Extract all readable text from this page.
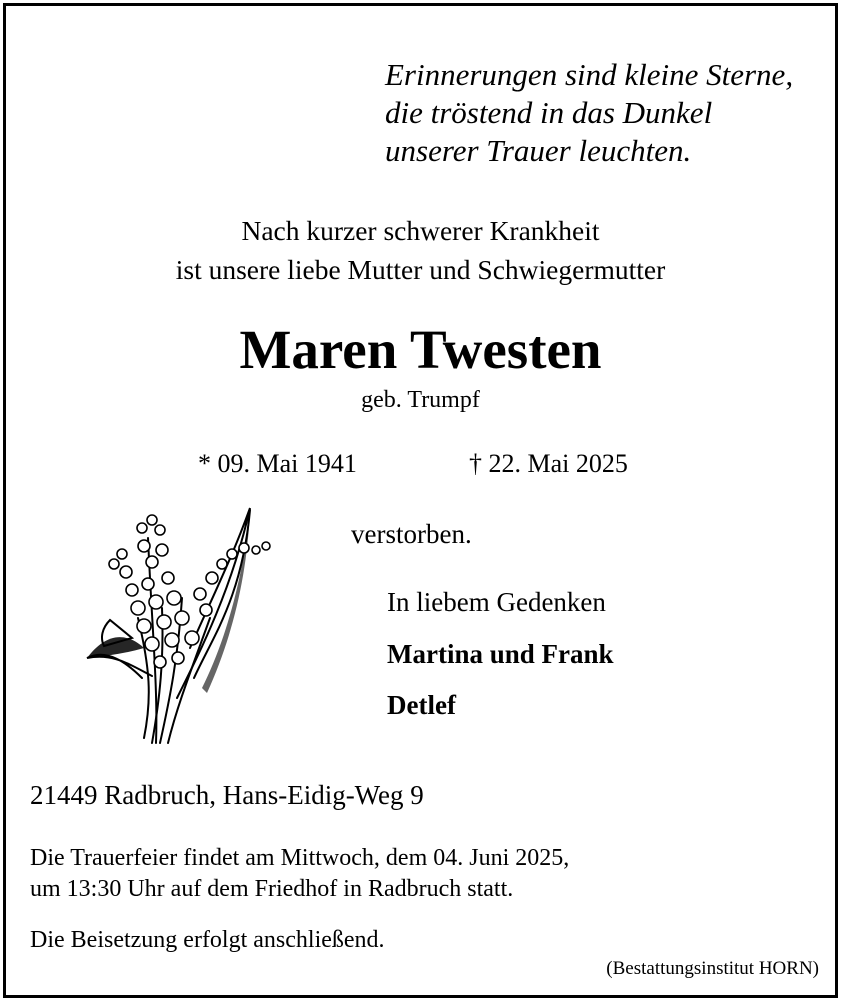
Erinnerungen sind kleine Sterne,
die tröstend in das Dunkel
unserer Trauer leuchten.
Nach kurzer schwerer Krankheit
ist unsere liebe Mutter und Schwiegermutter
Maren Twesten
geb. Trumpf
* 09. Mai 1941	† 22. Mai 2025
verstorben.
In liebem Gedenken
Martina und Frank
Detlef
21449 Radbruch, Hans-Eidig-Weg 9
Die Trauerfeier findet am Mittwoch, dem 04. Juni 2025,
um 13:30 Uhr auf dem Friedhof in Radbruch statt.
Die Beisetzung erfolgt anschließend.
(Bestattungsinstitut HORN)
